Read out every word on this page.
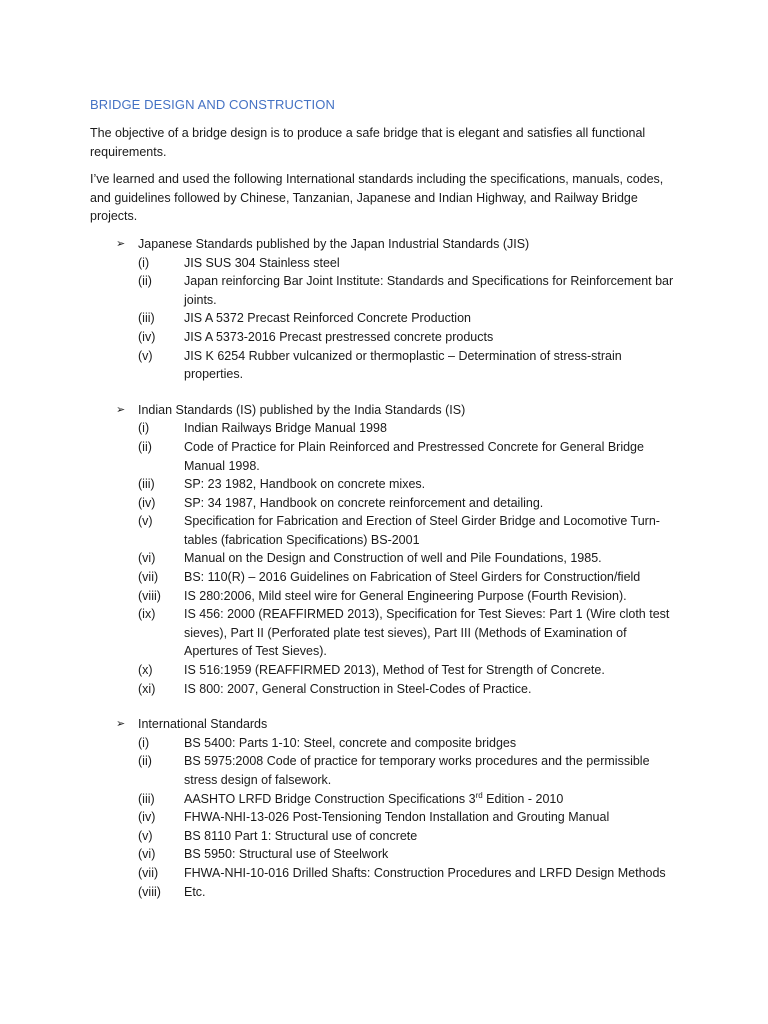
BRIDGE DESIGN AND CONSTRUCTION

The objective of a bridge design is to produce a safe bridge that is elegant and satisfies all functional requirements.

I’ve learned and used the following International standards including the specifications, manuals, codes, and guidelines followed by Chinese, Tanzanian, Japanese and Indian Highway, and Railway Bridge projects.

➢	Japanese Standards published by the Japan Industrial Standards (JIS)
(i)	JIS SUS 304 Stainless steel
(ii)	Japan reinforcing Bar Joint Institute: Standards and Specifications for Reinforcement bar joints.
(iii)	JIS A 5372 Precast Reinforced Concrete Production
(iv)	JIS A 5373-2016 Precast prestressed concrete products
(v)	JIS K 6254 Rubber vulcanized or thermoplastic – Determination of stress-strain properties.
➢	Indian Standards (IS) published by the India Standards (IS)
(i)	Indian Railways Bridge Manual 1998
(ii)	Code of Practice for Plain Reinforced and Prestressed Concrete for General Bridge Manual 1998.
(iii)	SP: 23 1982, Handbook on concrete mixes.
(iv)	SP: 34 1987, Handbook on concrete reinforcement and detailing.
(v)	Specification for Fabrication and Erection of Steel Girder Bridge and Locomotive Turn-tables (fabrication Specifications) BS-2001
(vi)	Manual on the Design and Construction of well and Pile Foundations, 1985.
(vii)	BS: 110(R) – 2016 Guidelines on Fabrication of Steel Girders for Construction/field
(viii)	IS 280:2006, Mild steel wire for General Engineering Purpose (Fourth Revision).
(ix)	IS 456: 2000 (REAFFIRMED 2013), Specification for Test Sieves: Part 1 (Wire cloth test sieves), Part II (Perforated plate test sieves), Part III (Methods of Examination of Apertures of Test Sieves).
(x)	IS 516:1959 (REAFFIRMED 2013), Method of Test for Strength of Concrete.
(xi)	IS 800: 2007, General Construction in Steel-Codes of Practice.
➢	International Standards
(i)	BS 5400: Parts 1-10: Steel, concrete and composite bridges
(ii)	BS 5975:2008 Code of practice for temporary works procedures and the permissible stress design of falsework.
(iii)	AASHTO LRFD Bridge Construction Specifications 3rd Edition - 2010
(iv)	FHWA-NHI-13-026 Post-Tensioning Tendon Installation and Grouting Manual
(v)	BS 8110 Part 1: Structural use of concrete
(vi)	BS 5950: Structural use of Steelwork
(vii)	FHWA-NHI-10-016 Drilled Shafts: Construction Procedures and LRFD Design Methods
(viii)	Etc.
